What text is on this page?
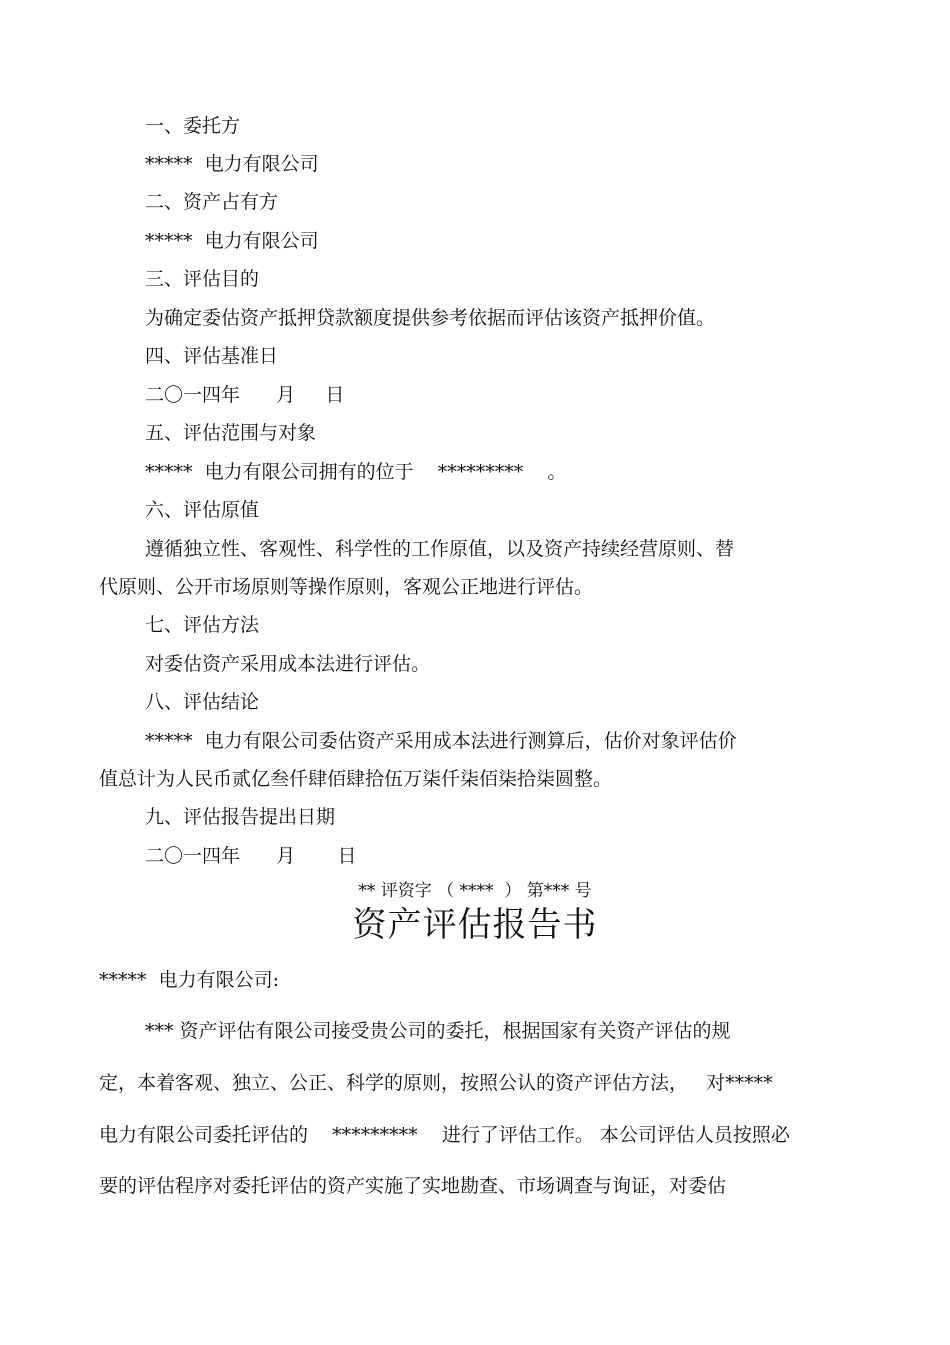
一、委托方
*****  电力有限公司
二、资产占有方
*****  电力有限公司
三、评估目的
为确定委估资产抵押贷款额度提供参考依据而评估该资产抵押价值。
四、评估基准日
二〇一四年      月     日
五、评估范围与对象
*****  电力有限公司拥有的位于    *********    。
六、评估原值
遵循独立性、客观性、科学性的工作原值，以及资产持续经营原则、替
代原则、公开市场原则等操作原则，客观公正地进行评估。
七、评估方法
对委估资产采用成本法进行评估。
八、评估结论
*****  电力有限公司委估资产采用成本法进行测算后，估价对象评估价
值总计为人民币贰亿叁仟肆佰肆拾伍万柒仟柒佰柒拾柒圆整。
九、评估报告提出日期
二〇一四年      月       日
** 评资字 （ ****  ） 第*** 号
资产评估报告书
*****  电力有限公司:
*** 资产评估有限公司接受贵公司的委托，根据国家有关资产评估的规
定，本着客观、独立、公正、科学的原则，按照公认的资产评估方法，   对*****
电力有限公司委托评估的    *********    进行了评估工作。 本公司评估人员按照必
要的评估程序对委托评估的资产实施了实地勘查、市场调查与询证，对委估
